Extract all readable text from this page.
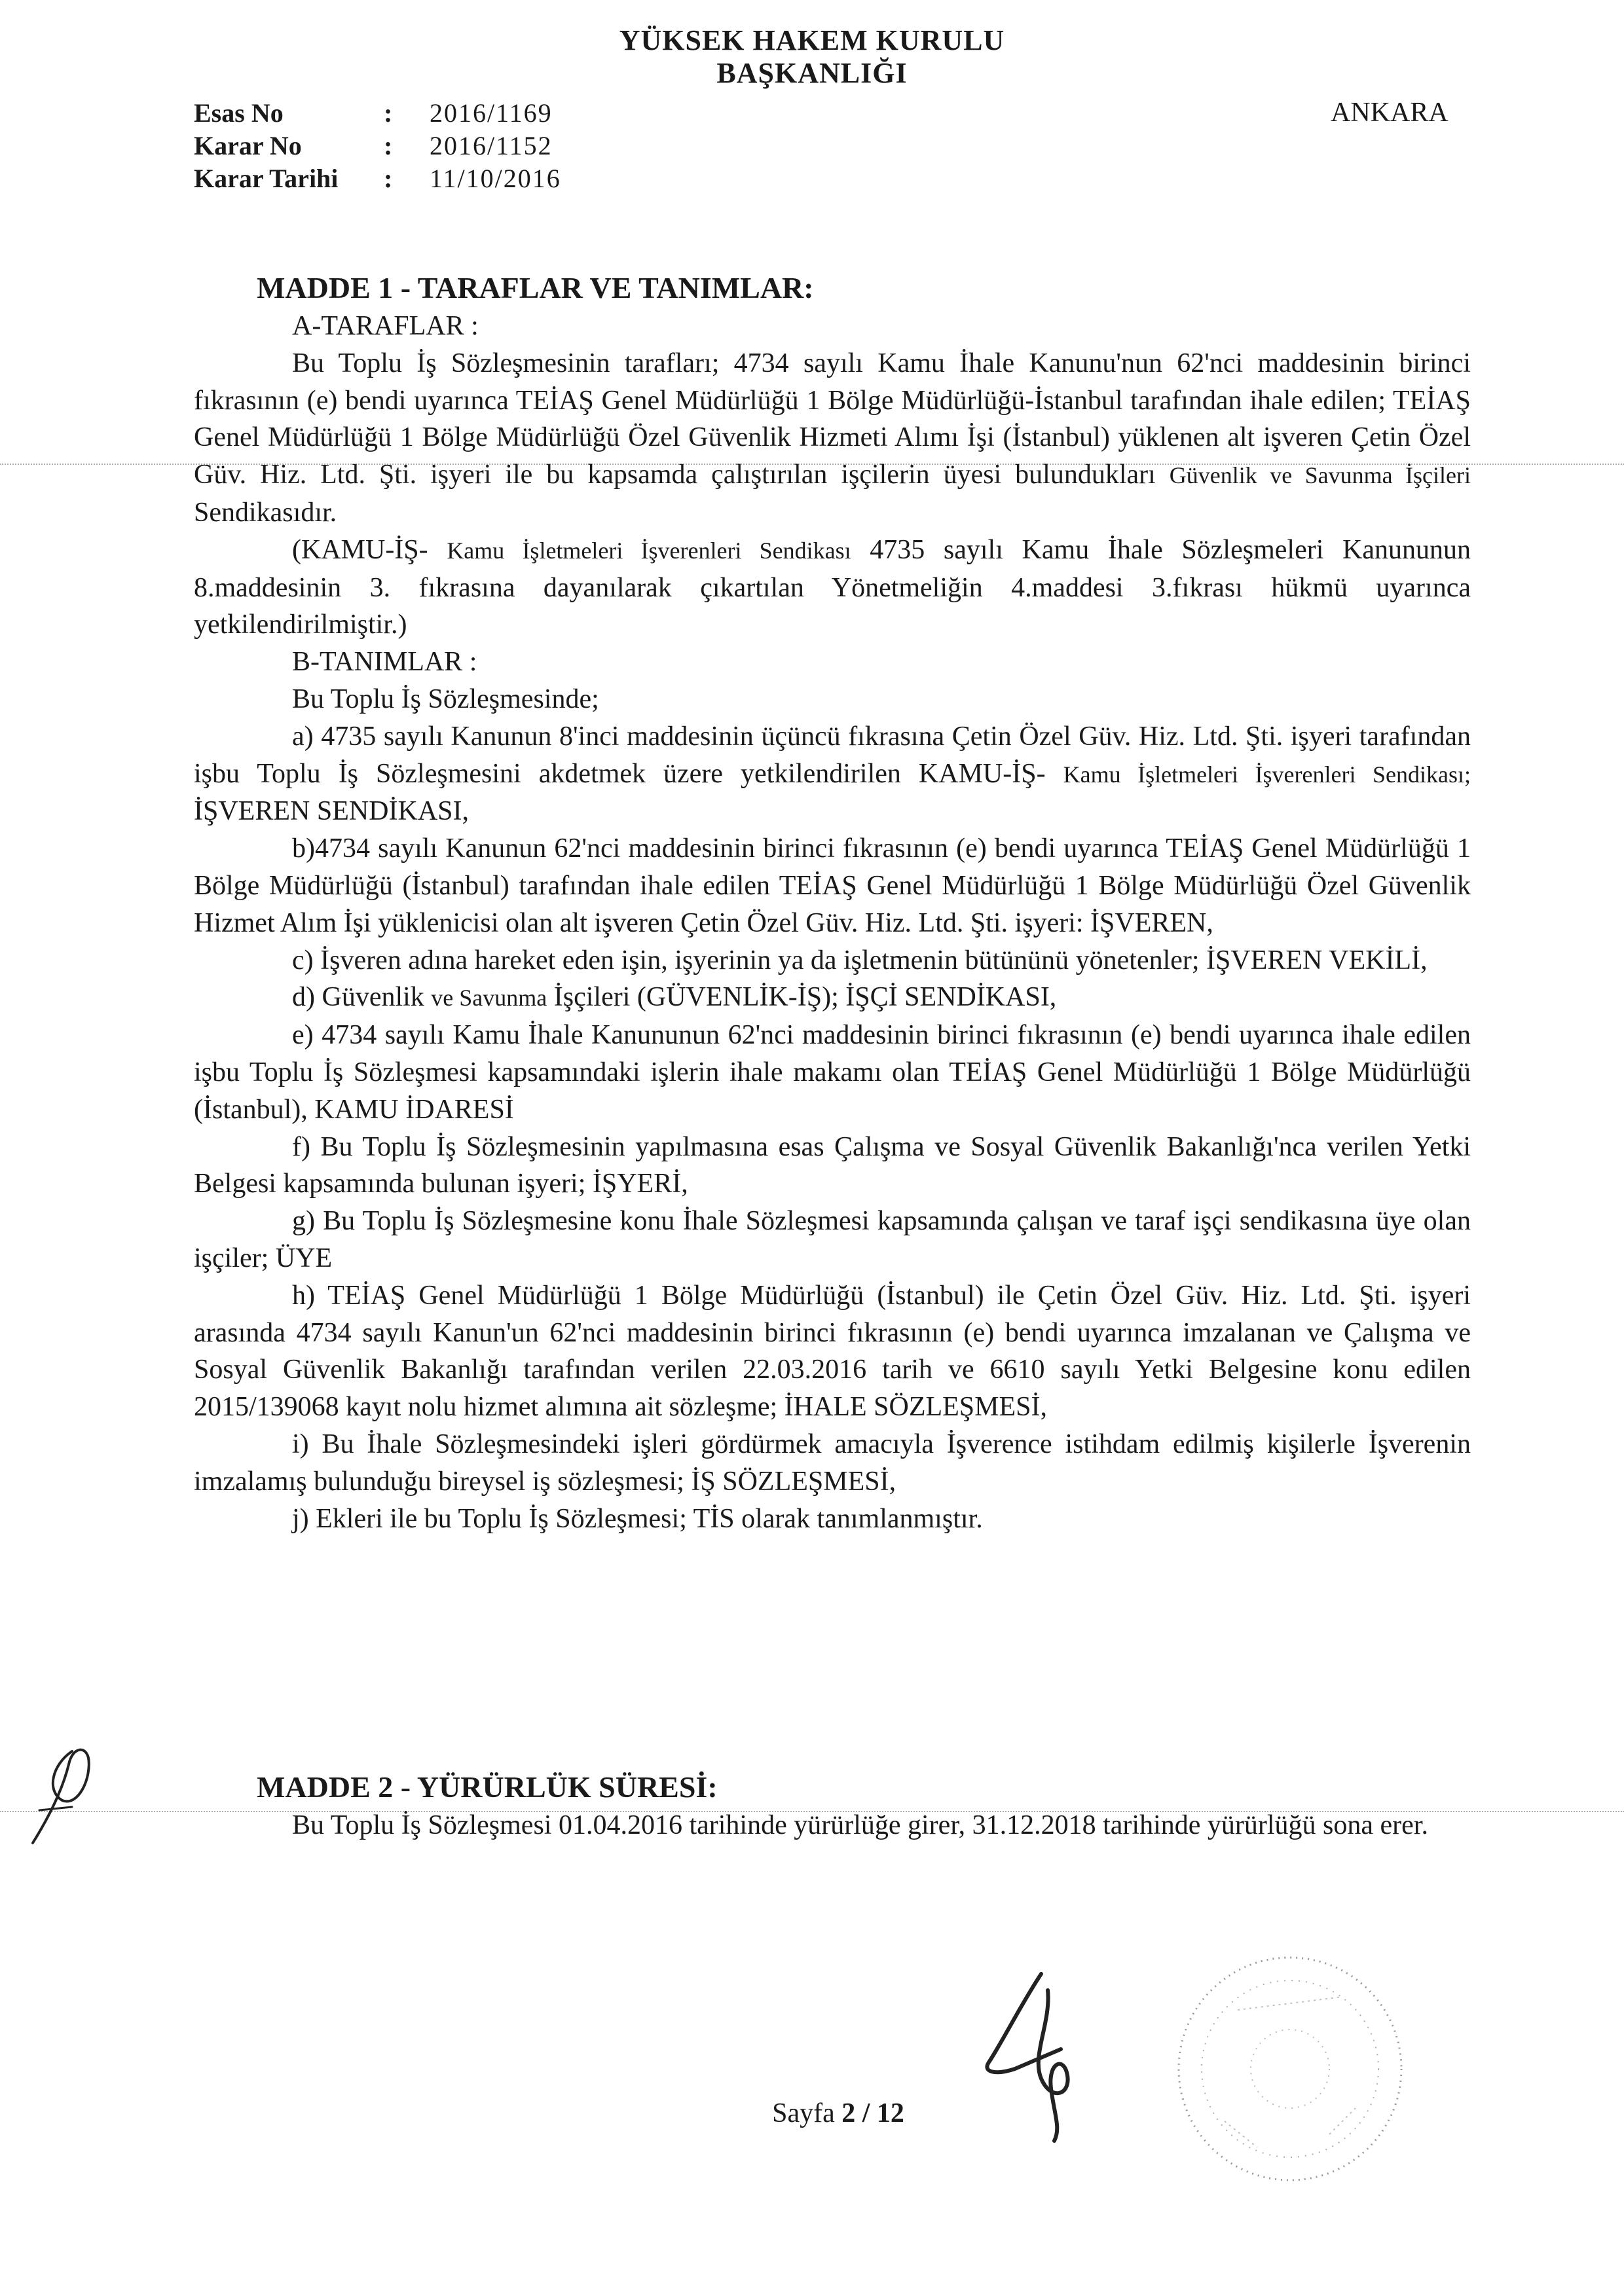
YÜKSEK HAKEM KURULU
BAŞKANLIĞI
ANKARA
Esas No	:	2016/1169
Karar No	:	2016/1152
Karar Tarihi	:	11/10/2016

MADDE 1 - TARAFLAR VE TANIMLAR:

A-TARAFLAR :

Bu Toplu İş Sözleşmesinin tarafları; 4734 sayılı Kamu İhale Kanunu'nun 62'nci maddesinin birinci fıkrasının (e) bendi uyarınca TEİAŞ Genel Müdürlüğü 1 Bölge Müdürlüğü-İstanbul tarafından ihale edilen; TEİAŞ Genel Müdürlüğü 1 Bölge Müdürlüğü Özel Güvenlik Hizmeti Alımı İşi (İstanbul) yüklenen alt işveren Çetin Özel Güv. Hiz. Ltd. Şti. işyeri ile bu kapsamda çalıştırılan işçilerin üyesi bulundukları Güvenlik ve Savunma İşçileri Sendikasıdır.

(KAMU-İŞ- Kamu İşletmeleri İşverenleri Sendikası 4735 sayılı Kamu İhale Sözleşmeleri Kanununun 8.maddesinin 3. fıkrasına dayanılarak çıkartılan Yönetmeliğin 4.maddesi 3.fıkrası hükmü uyarınca yetkilendirilmiştir.)

B-TANIMLAR :

Bu Toplu İş Sözleşmesinde;

a) 4735 sayılı Kanunun 8'inci maddesinin üçüncü fıkrasına Çetin Özel Güv. Hiz. Ltd. Şti. işyeri tarafından işbu Toplu İş Sözleşmesini akdetmek üzere yetkilendirilen KAMU-İŞ- Kamu İşletmeleri İşverenleri Sendikası; İŞVEREN SENDİKASI,

b)4734 sayılı Kanunun 62'nci maddesinin birinci fıkrasının (e) bendi uyarınca TEİAŞ Genel Müdürlüğü 1 Bölge Müdürlüğü (İstanbul) tarafından ihale edilen TEİAŞ Genel Müdürlüğü 1 Bölge Müdürlüğü Özel Güvenlik Hizmet Alım İşi yüklenicisi olan alt işveren Çetin Özel Güv. Hiz. Ltd. Şti. işyeri: İŞVEREN,

c) İşveren adına hareket eden işin, işyerinin ya da işletmenin bütününü yönetenler; İŞVEREN VEKİLİ,

d) Güvenlik ve Savunma İşçileri (GÜVENLİK-İŞ); İŞÇİ SENDİKASI,

e) 4734 sayılı Kamu İhale Kanununun 62'nci maddesinin birinci fıkrasının (e) bendi uyarınca ihale edilen işbu Toplu İş Sözleşmesi kapsamındaki işlerin ihale makamı olan TEİAŞ Genel Müdürlüğü 1 Bölge Müdürlüğü (İstanbul), KAMU İDARESİ

f) Bu Toplu İş Sözleşmesinin yapılmasına esas Çalışma ve Sosyal Güvenlik Bakanlığı'nca verilen Yetki Belgesi kapsamında bulunan işyeri; İŞYERİ,

g) Bu Toplu İş Sözleşmesine konu İhale Sözleşmesi kapsamında çalışan ve taraf işçi sendikasına üye olan işçiler; ÜYE

h) TEİAŞ Genel Müdürlüğü 1 Bölge Müdürlüğü (İstanbul) ile Çetin Özel Güv. Hiz. Ltd. Şti. işyeri arasında 4734 sayılı Kanun'un 62'nci maddesinin birinci fıkrasının (e) bendi uyarınca imzalanan ve Çalışma ve Sosyal Güvenlik Bakanlığı tarafından verilen 22.03.2016 tarih ve 6610 sayılı Yetki Belgesine konu edilen 2015/139068 kayıt nolu hizmet alımına ait sözleşme; İHALE SÖZLEŞMESİ,

i) Bu İhale Sözleşmesindeki işleri gördürmek amacıyla İşverence istihdam edilmiş kişilerle İşverenin imzalamış bulunduğu bireysel iş sözleşmesi; İŞ SÖZLEŞMESİ,

j) Ekleri ile bu Toplu İş Sözleşmesi; TİS olarak tanımlanmıştır.

MADDE 2 - YÜRÜRLÜK SÜRESİ:

Bu Toplu İş Sözleşmesi 01.04.2016 tarihinde yürürlüğe girer, 31.12.2018 tarihinde yürürlüğü sona erer.

Sayfa 2 / 12
